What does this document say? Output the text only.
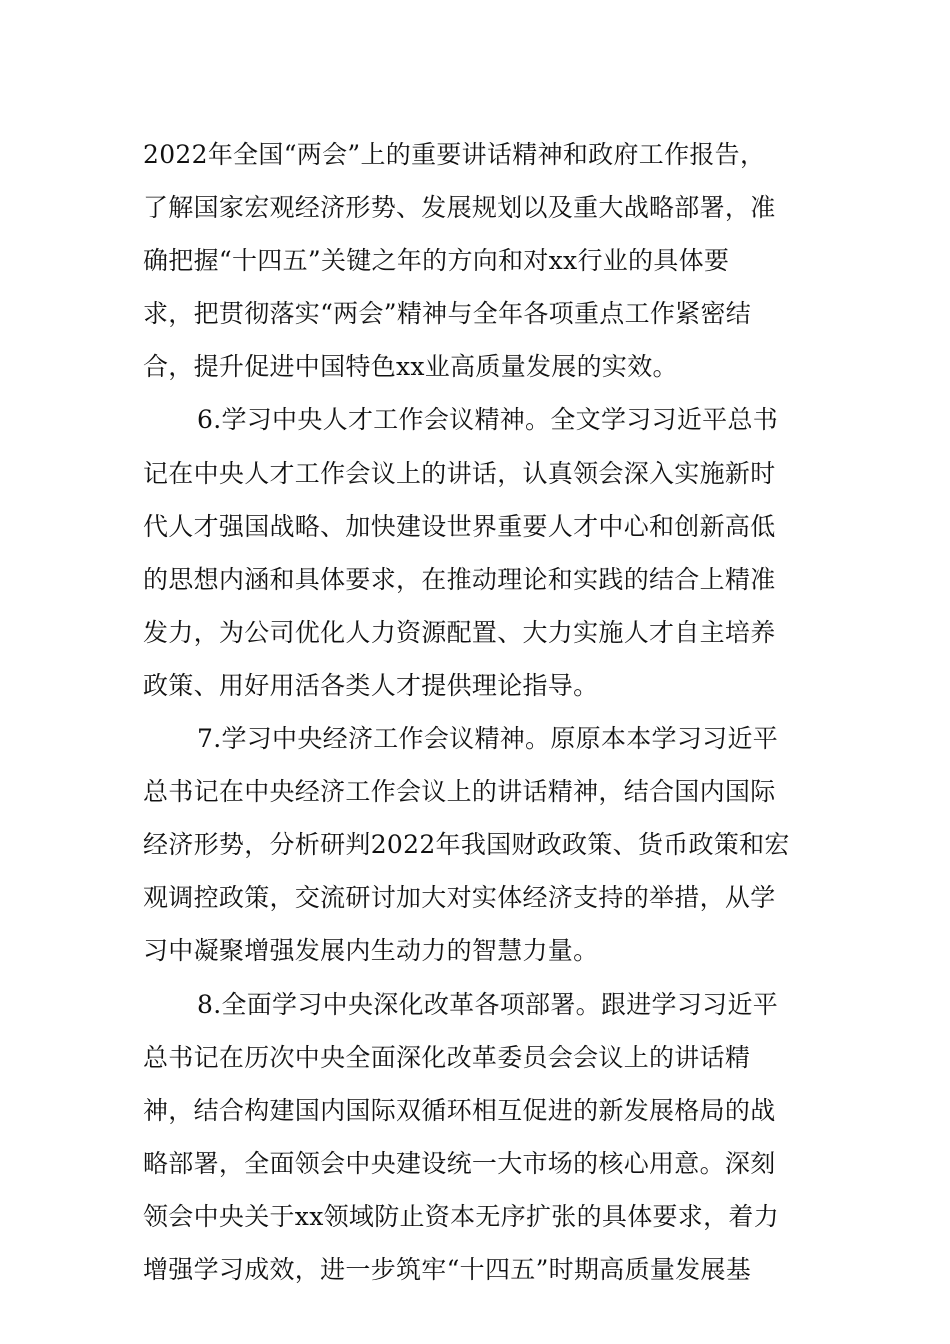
2022年全国“两会”上的重要讲话精神和政府工作报告，
了解国家宏观经济形势、发展规划以及重大战略部署，准
确把握“十四五”关键之年的方向和对xx行业的具体要
求，把贯彻落实“两会”精神与全年各项重点工作紧密结
合，提升促进中国特色xx业高质量发展的实效。
6.学习中央人才工作会议精神。全文学习习近平总书
记在中央人才工作会议上的讲话，认真领会深入实施新时
代人才强国战略、加快建设世界重要人才中心和创新高低
的思想内涵和具体要求，在推动理论和实践的结合上精准
发力，为公司优化人力资源配置、大力实施人才自主培养
政策、用好用活各类人才提供理论指导。
7.学习中央经济工作会议精神。原原本本学习习近平
总书记在中央经济工作会议上的讲话精神，结合国内国际
经济形势，分析研判2022年我国财政政策、货币政策和宏
观调控政策，交流研讨加大对实体经济支持的举措，从学
习中凝聚增强发展内生动力的智慧力量。
8.全面学习中央深化改革各项部署。跟进学习习近平
总书记在历次中央全面深化改革委员会会议上的讲话精
神，结合构建国内国际双循环相互促进的新发展格局的战
略部署，全面领会中央建设统一大市场的核心用意。深刻
领会中央关于xx领域防止资本无序扩张的具体要求，着力
增强学习成效，进一步筑牢“十四五”时期高质量发展基
